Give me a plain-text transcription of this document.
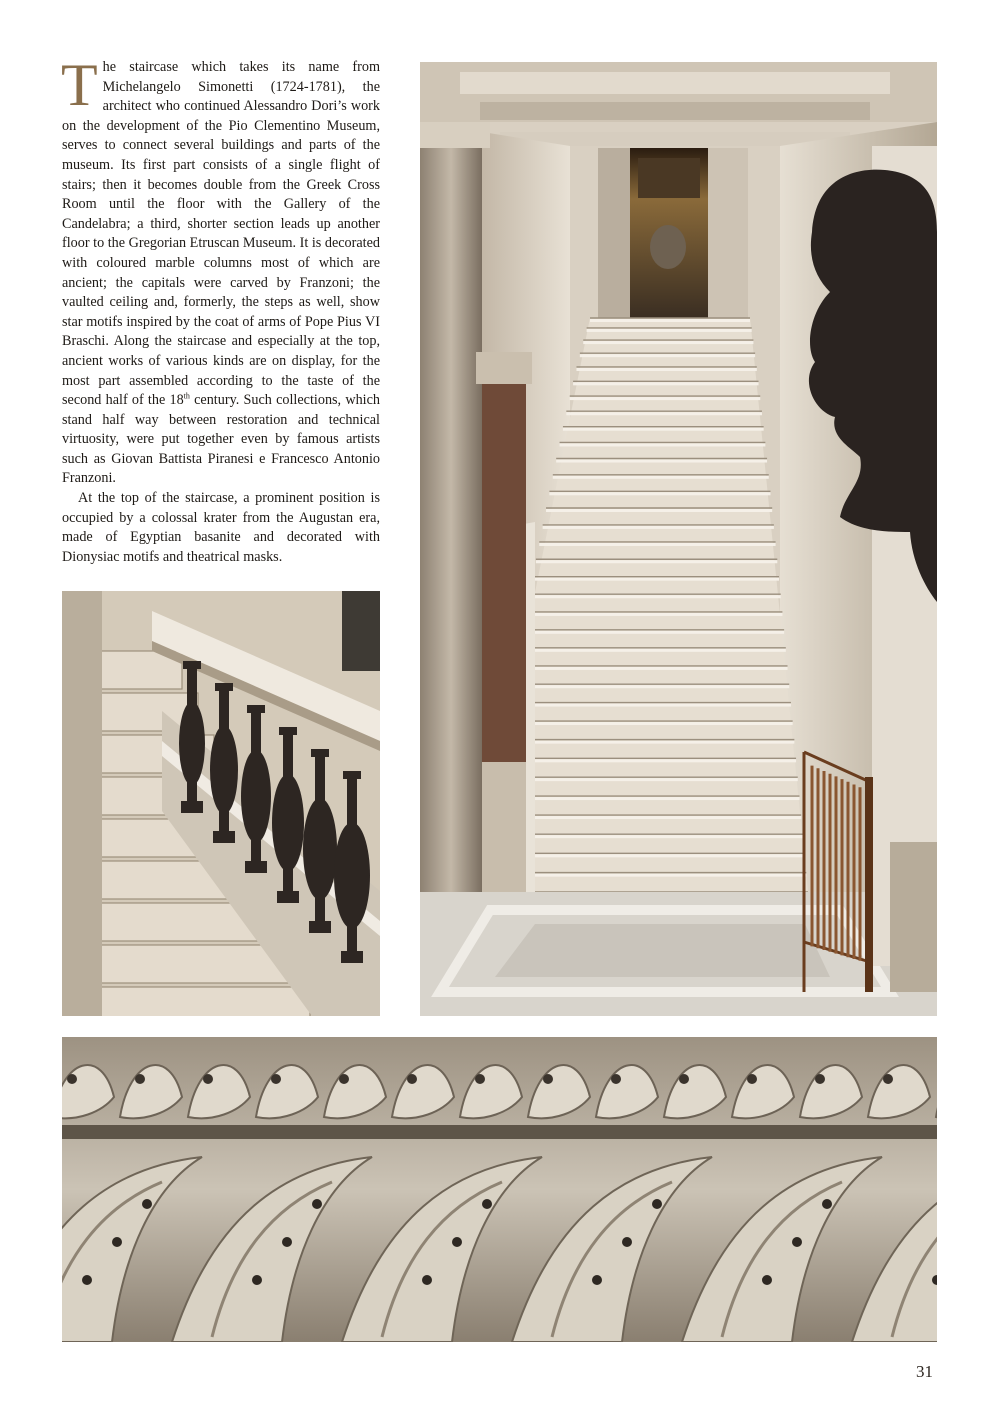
The staircase which takes its name from Michelangelo Simonetti (1724-1781), the architect who continued Alessandro Dori’s work on the development of the Pio Clementino Museum, serves to connect several buildings and parts of the museum. Its first part consists of a single flight of stairs; then it becomes double from the Greek Cross Room until the floor with the Gallery of the Candelabra; a third, shorter section leads up another floor to the Gregorian Etruscan Museum. It is decorated with coloured marble columns most of which are ancient; the capitals were carved by Franzoni; the vaulted ceiling and, formerly, the steps as well, show star motifs inspired by the coat of arms of Pope Pius VI Braschi. Along the staircase and especially at the top, ancient works of various kinds are on display, for the most part assembled according to the taste of the second half of the 18th century. Such collections, which stand half way between restoration and technical virtuosity, were put together even by famous artists such as Giovan Battista Piranesi e Francesco Antonio Franzoni.

At the top of the staircase, a prominent position is occupied by a colossal krater from the Augustan era, made of Egyptian basanite and decorated with Dionysiac motifs and theatrical masks.

31
